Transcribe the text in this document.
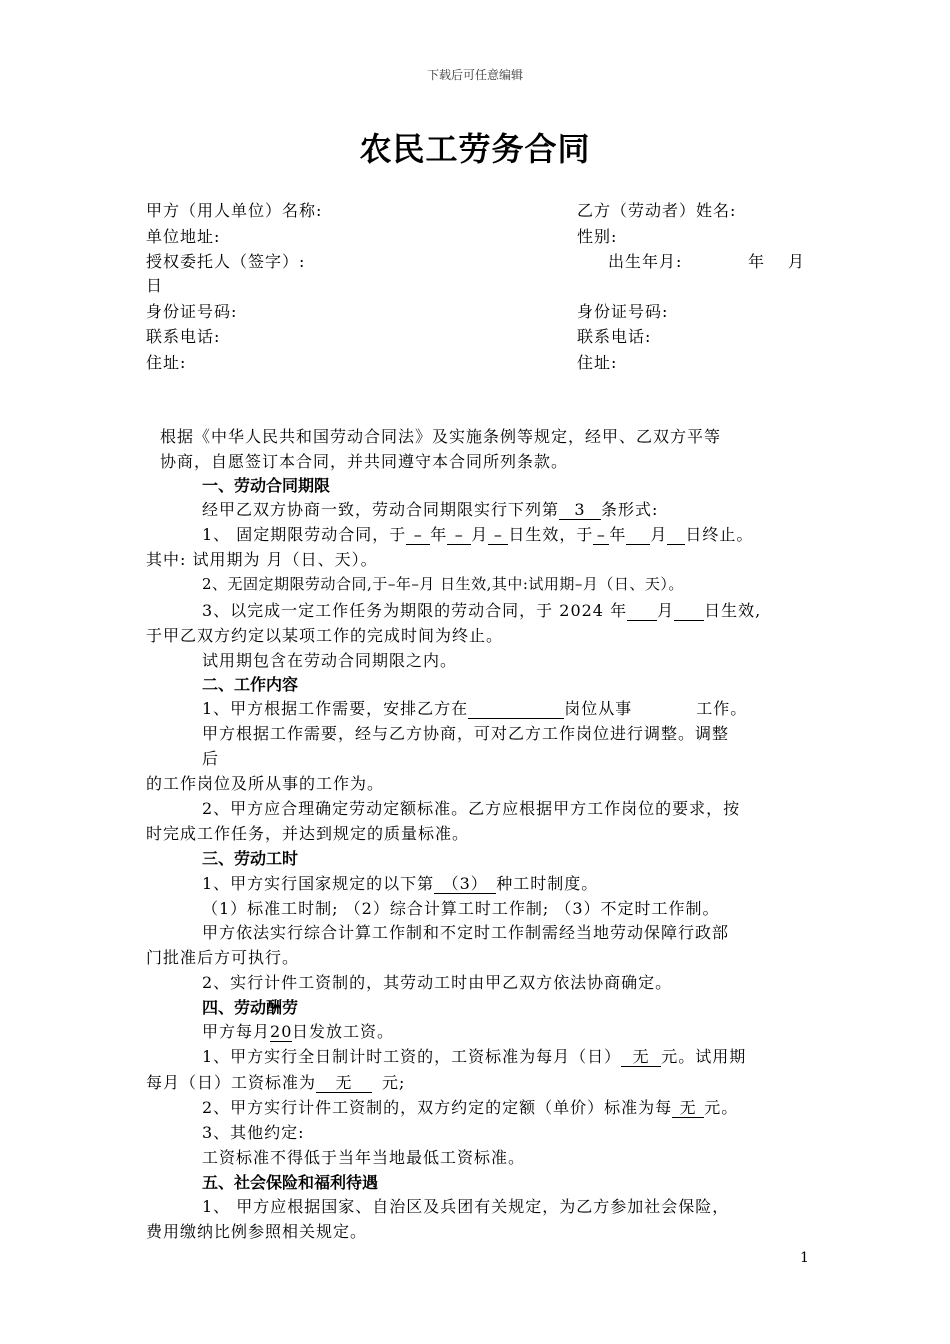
下载后可任意编辑
农民工劳务合同
甲方（用人单位）名称:	乙方（劳动者）姓名:
单位地址:	性别:
授权委托人（签字）:	出生年月:	年 月
日
身份证号码:	身份证号码:
联系电话:	联系电话:
住址:	住址:
根据《中华人民共和国劳动合同法》及实施条例等规定，经甲、乙双方平等
协商，自愿签订本合同，并共同遵守本合同所列条款。
一、劳动合同期限
经甲乙双方协商一致，劳动合同期限实行下列第 3 条形式:
1、 固定期限劳动合同，于 – 年 – 月 – 日生效，于 – 年 月 日终止。
其中: 试用期为 月（日、天）。
2、无固定期限劳动合同,于–年–月 日生效,其中:试用期–月（日、天）。
3、以完成一定工作任务为期限的劳动合同，于 2024 年 月 日生效,
于甲乙双方约定以某项工作的完成时间为终止。
试用期包含在劳动合同期限之内。
二、工作内容
1、甲方根据工作需要，安排乙方在	岗位从事	工作。
甲方根据工作需要，经与乙方协商，可对乙方工作岗位进行调整。调整
后
的工作岗位及所从事的工作为。
2、甲方应合理确定劳动定额标准。乙方应根据甲方工作岗位的要求，按
时完成工作任务，并达到规定的质量标准。
三、劳动工时
1、甲方实行国家规定的以下第 （3） 种工时制度。
（1）标准工时制; （2）综合计算工时工作制; （3）不定时工作制。
甲方依法实行综合计算工作制和不定时工作制需经当地劳动保障行政部
门批准后方可执行。
2、实行计件工资制的，其劳动工时由甲乙双方依法协商确定。
四、劳动酬劳
甲方每月20日发放工资。
1、甲方实行全日制计时工资的，工资标准为每月（日） 无 元。试用期
每月（日）工资标准为 无 元;
2、甲方实行计件工资制的，双方约定的定额（单价）标准为每 无 元。
3、其他约定:
工资标准不得低于当年当地最低工资标准。
五、社会保险和福利待遇
1、 甲方应根据国家、自治区及兵团有关规定，为乙方参加社会保险，
费用缴纳比例参照相关规定。
1
